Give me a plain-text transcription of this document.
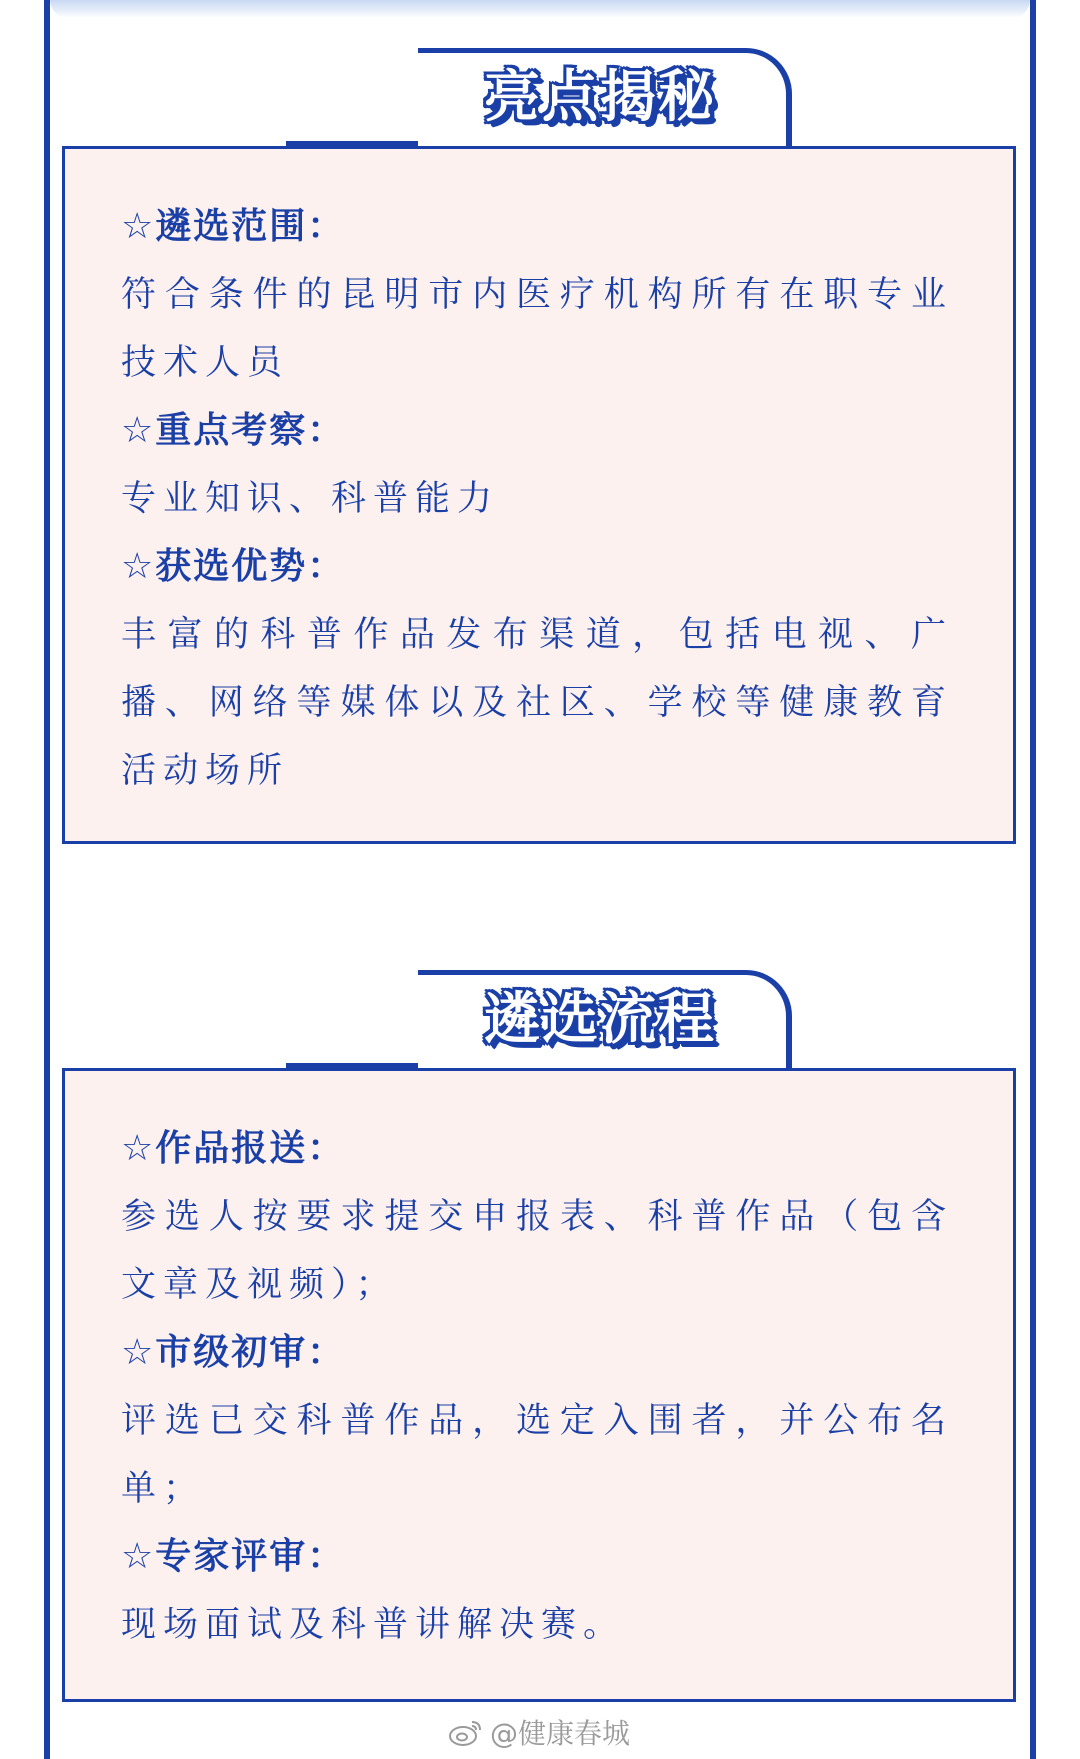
亮点揭秘
☆遴选范围：
符合条件的昆明市内医疗机构所有在职专业技术人员
☆重点考察：
专业知识、科普能力
☆获选优势：
丰富的科普作品发布渠道，包括电视、广播、网络等媒体以及社区、学校等健康教育活动场所
遴选流程
☆作品报送：
参选人按要求提交申报表、科普作品（包含文章及视频）；
☆市级初审：
评选已交科普作品，选定入围者，并公布名单；
☆专家评审：
现场面试及科普讲解决赛。
@健康春城
